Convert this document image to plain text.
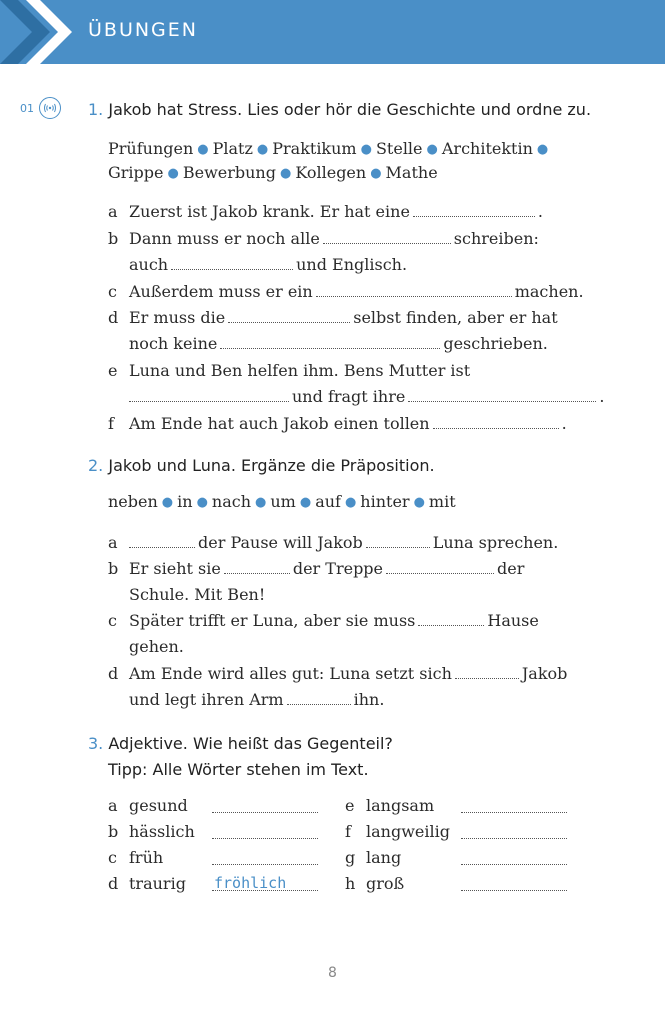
ÜBUNGEN
01	1. Jakob hat Stress. Lies oder hör die Geschichte und ordne zu.
Prüfungen ● Platz ● Praktikum ● Stelle ● Architektin ●
Grippe ● Bewerbung ● Kollegen ● Mathe
a Zuerst ist Jakob krank. Er hat eine	.
b Dann muss er noch alle	schreiben:
auch	und Englisch.
c Außerdem muss er ein	machen.
d Er muss die	selbst finden, aber er hat
noch keine	geschrieben.
e Luna und Ben helfen ihm. Bens Mutter ist
und fragt ihre	.
f Am Ende hat auch Jakob einen tollen	.
2. Jakob und Luna. Ergänze die Präposition.
neben ● in ● nach ● um ● auf ● hinter ● mit
a	der Pause will Jakob	Luna sprechen.
b Er sieht sie	der Treppe	der
Schule. Mit Ben!
c Später trifft er Luna, aber sie muss	Hause
gehen.
d Am Ende wird alles gut: Luna setzt sich	Jakob
und legt ihren Arm	ihn.
3. Adjektive. Wie heißt das Gegenteil?
Tipp: Alle Wörter stehen im Text.
a gesund
b hässlich
c früh
d traurig fröhlich
e langsam
f langweilig
g lang
h groß
8
